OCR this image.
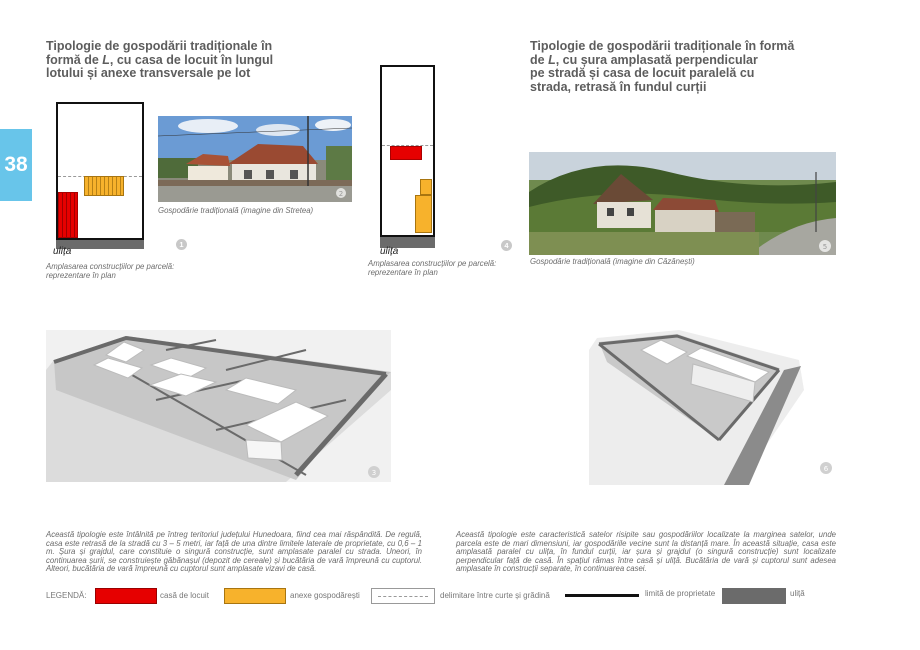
38
Tipologie de gospodării tradiționale în
formă de L, cu casa de locuit în lungul
lotului și anexe transversale pe lot
Tipologie de gospodării tradiționale în formă
de L, cu șura amplasată perpendicular
pe stradă și casa de locuit paralelă cu
strada, retrasă în fundul curții
ulița
Amplasarea construcțiilor pe parcelă:
reprezentare în plan
1
2
Gospodărie tradițională (imagine din Stretea)
ulița
Amplasarea construcțiilor pe parcelă:
reprezentare în plan
4	5
Gospodărie tradițională (imagine din Căzănești)
3	6
Această tipologie este întâlnită pe întreg teritoriul județului Hunedoara, fiind cea mai răspândită. De regulă, casa este retrasă de la stradă cu 3 – 5 metri, iar față de una dintre limitele laterale de proprietate, cu 0,6 – 1 m. Șura și grajdul, care constituie o singură construcție, sunt amplasate paralel cu strada. Uneori, în continuarea șurii, se construiește găbănașul (depozit de cereale) și bucătăria de vară împreună cu cuptorul. Alteori, bucătăria de vară împreună cu cuptorul sunt amplasate vizavi de casă.
Această tipologie este caracteristică satelor risipite sau gospodăriilor localizate la marginea satelor, unde parcela este de mari dimensiuni, iar gospodăriile vecine sunt la distanță mare. În această situație, casa este amplasată paralel cu ulița, în fundul curții, iar șura și grajdul (o singură construcție) sunt localizate perpendicular față de casă. În spațiul rămas între casă și uliță. Bucătăria de vară și cuptorul sunt adesea amplasate în construcții separate, în continuarea casei.
LEGENDĂ:	casă de locuit	anexe gospodărești	delimitare între curte și grădină	limită de proprietate	uliță
